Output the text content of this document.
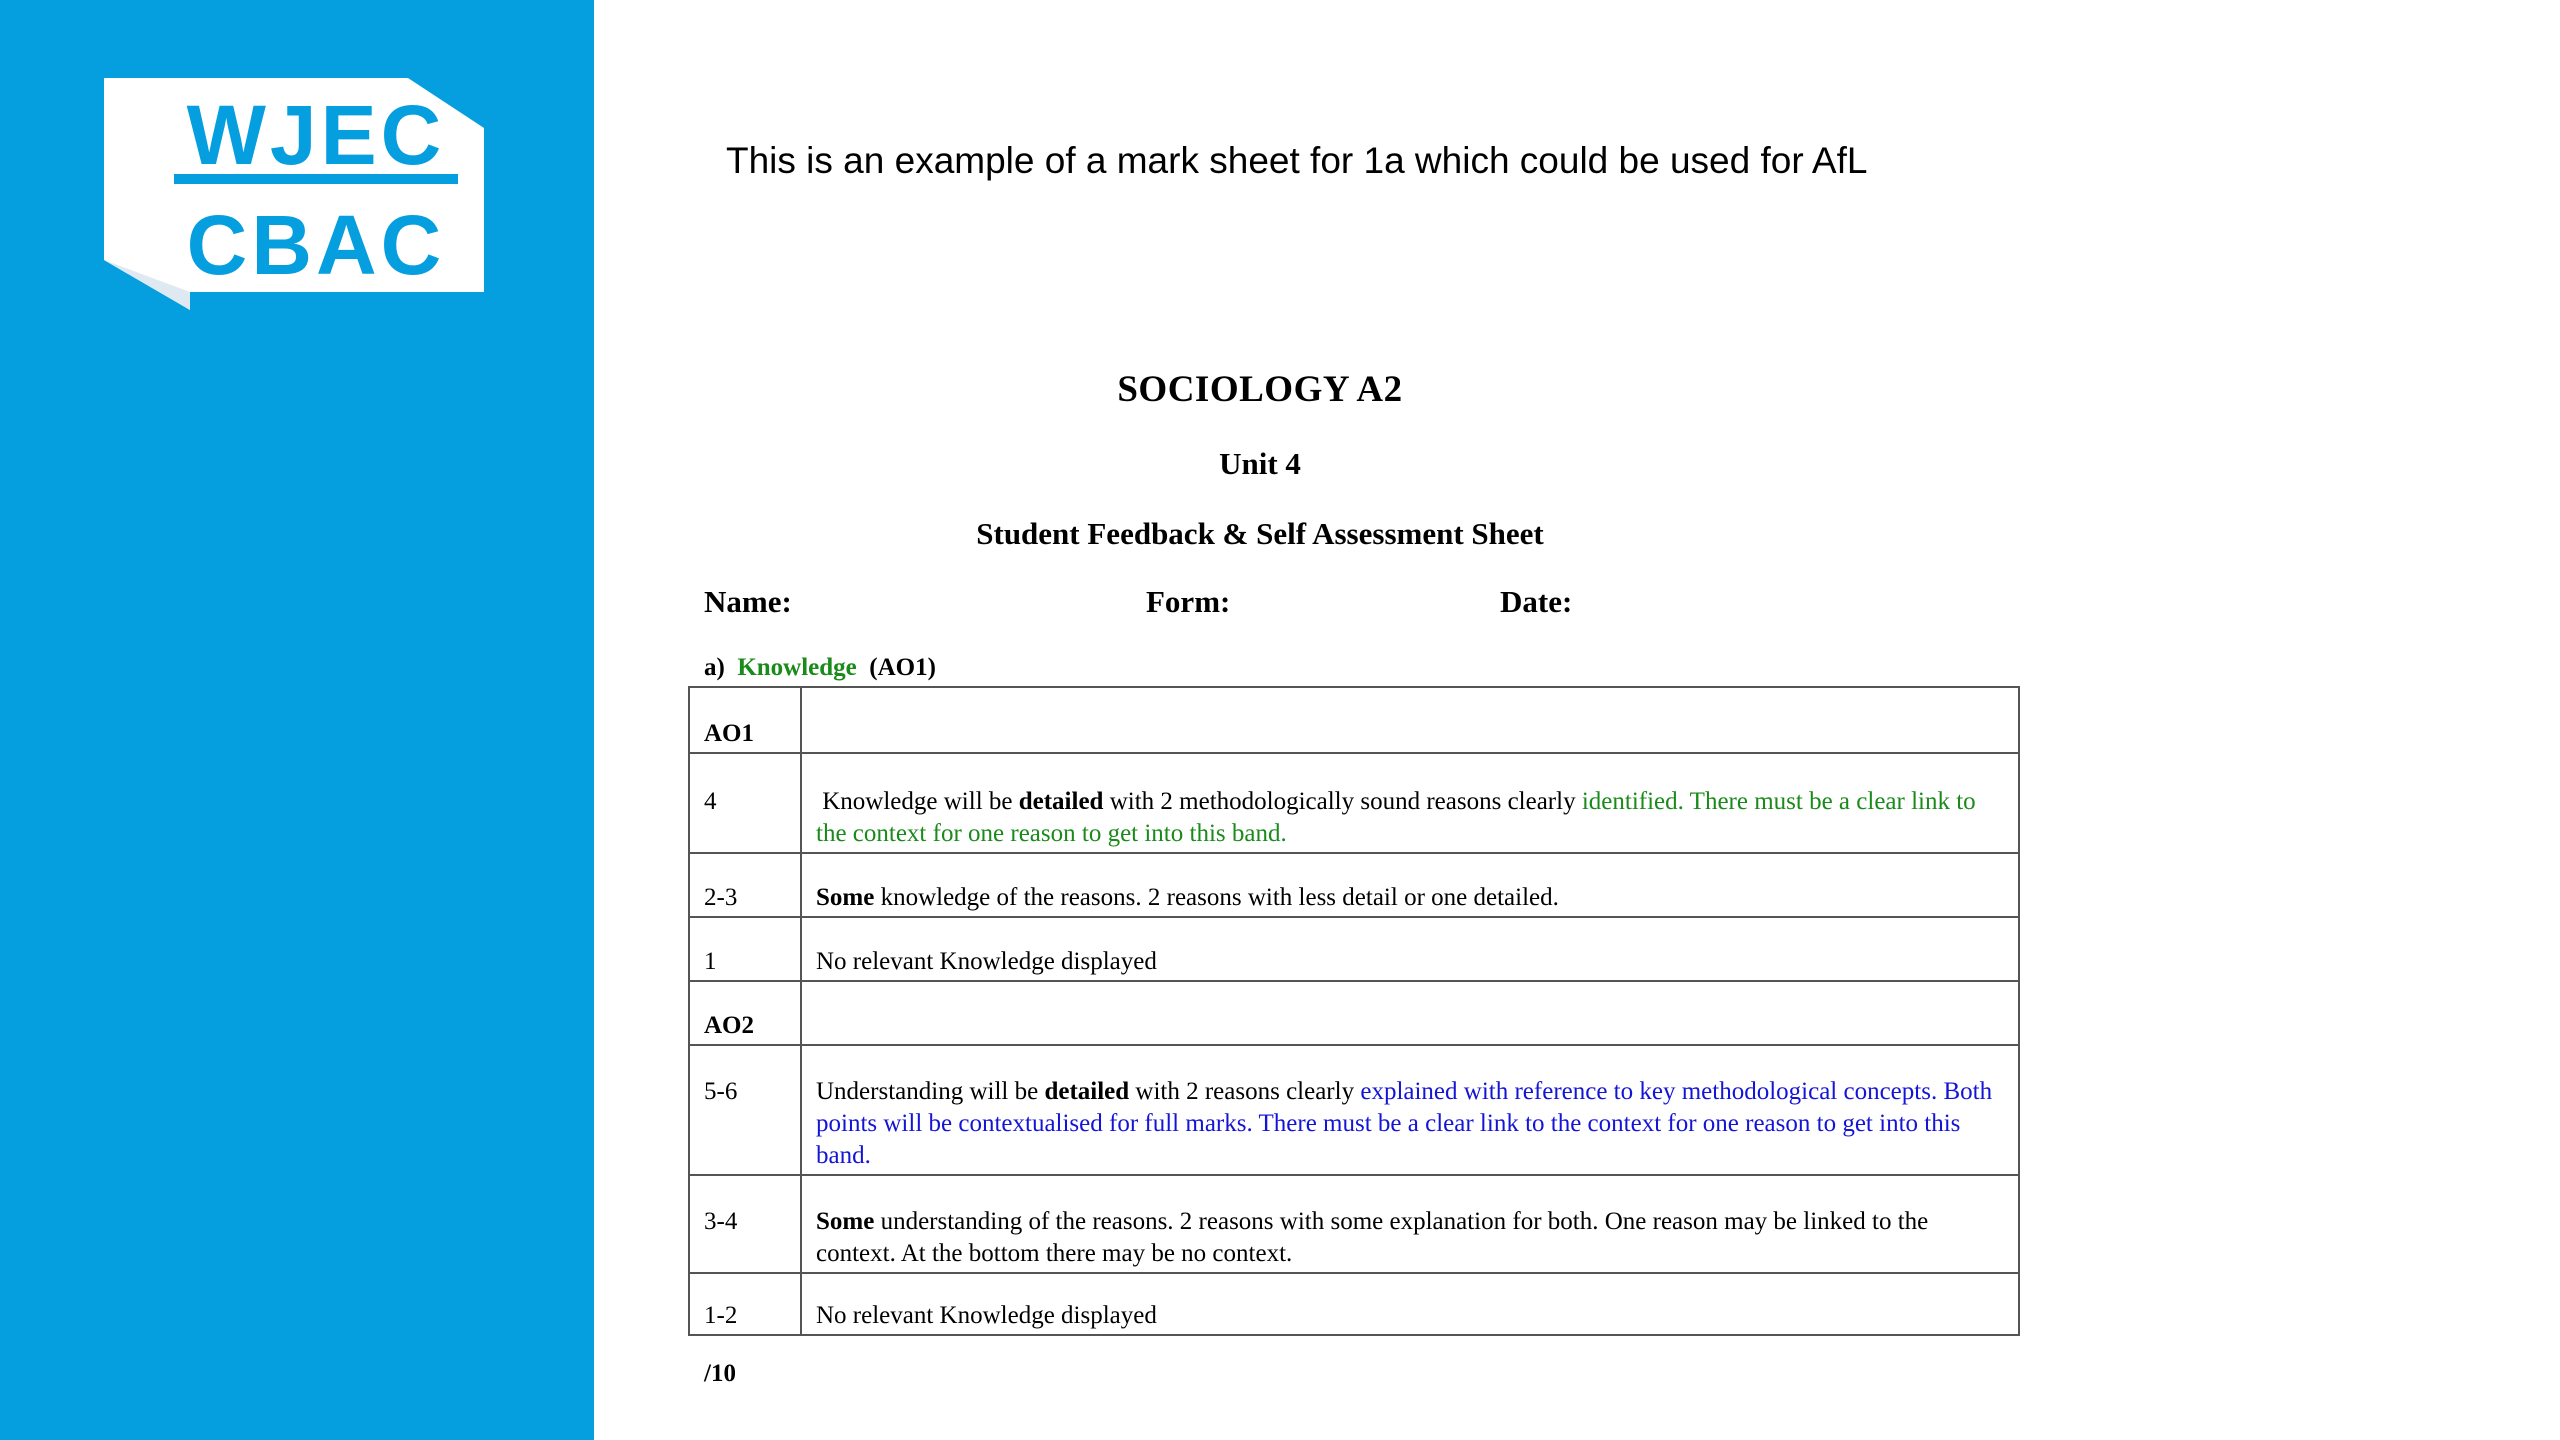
WJEC
CBAC
This is an example of a mark sheet for 1a which could be used for AfL

SOCIOLOGY A2

Unit 4

Student Feedback & Self Assessment Sheet

Name:	Form:	Date:
a) Knowledge (AO1)
AO1	
4	Knowledge will be detailed with 2 methodologically sound reasons clearly identified. There must be a clear link to the context for one reason to get into this band.
2-3	Some knowledge of the reasons. 2 reasons with less detail or one detailed.
1	No relevant Knowledge displayed
AO2	
5-6	Understanding will be detailed with 2 reasons clearly explained with reference to key methodological concepts. Both points will be contextualised for full marks. There must be a clear link to the context for one reason to get into this band.
3-4	Some understanding of the reasons. 2 reasons with some explanation for both. One reason may be linked to the context. At the bottom there may be no context.
1-2	No relevant Knowledge displayed
/10
